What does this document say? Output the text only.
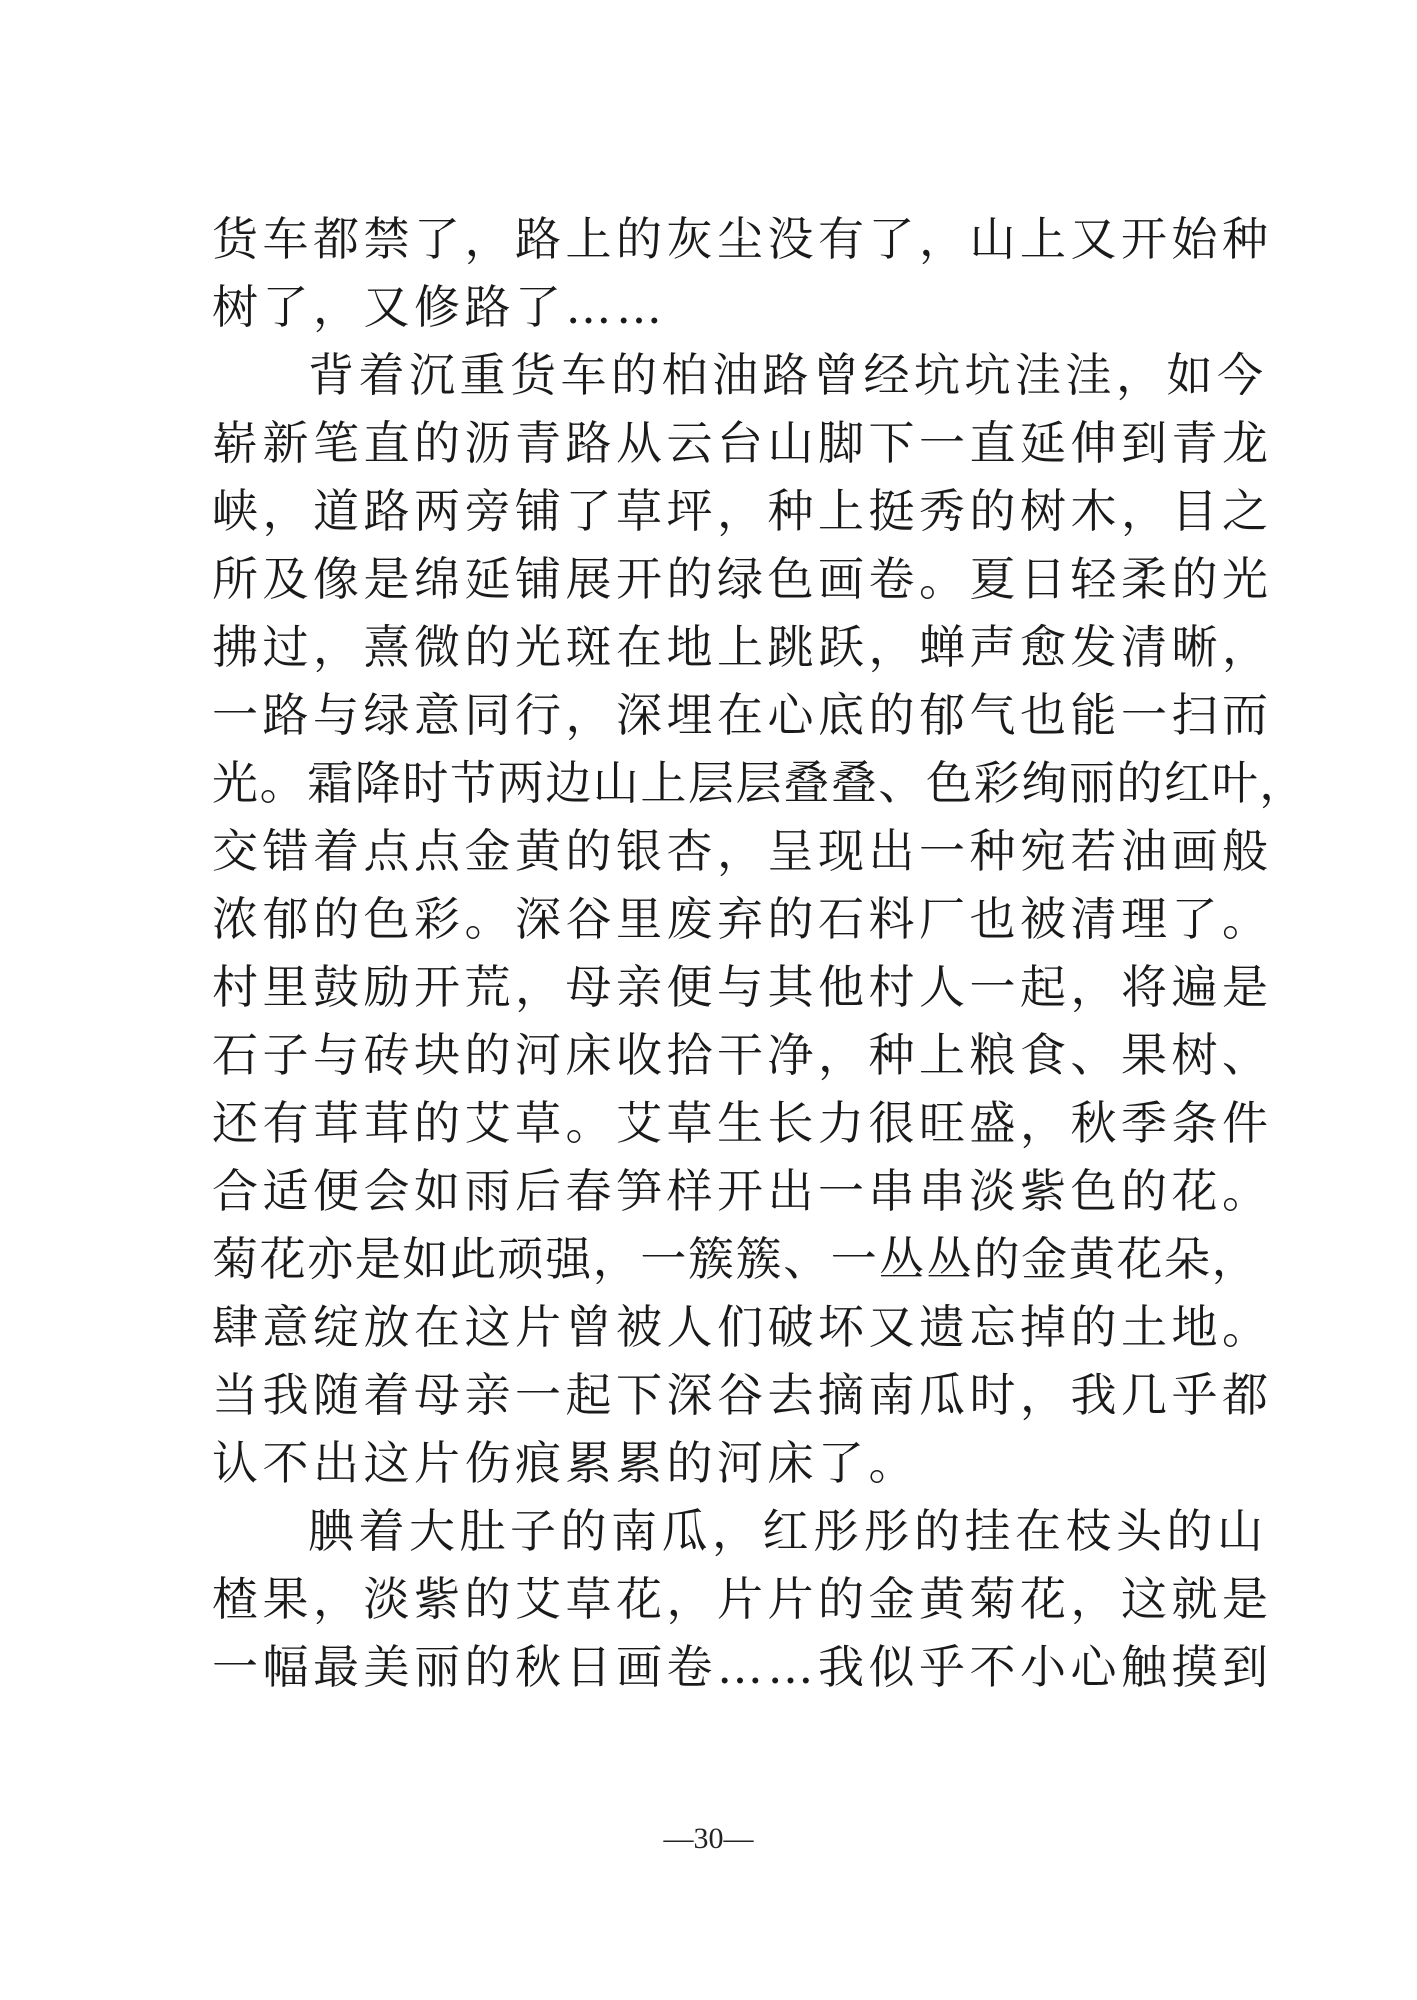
货车都禁了，路上的灰尘没有了，山上又开始种
树了，又修路了……
背着沉重货车的柏油路曾经坑坑洼洼，如今
崭新笔直的沥青路从云台山脚下一直延伸到青龙
峡，道路两旁铺了草坪，种上挺秀的树木，目之
所及像是绵延铺展开的绿色画卷。夏日轻柔的光
拂过，熹微的光斑在地上跳跃，蝉声愈发清晰，
一路与绿意同行，深埋在心底的郁气也能一扫而
光。霜降时节两边山上层层叠叠、色彩绚丽的红叶，
交错着点点金黄的银杏，呈现出一种宛若油画般
浓郁的色彩。深谷里废弃的石料厂也被清理了。
村里鼓励开荒，母亲便与其他村人一起，将遍是
石子与砖块的河床收拾干净，种上粮食、果树、
还有茸茸的艾草。艾草生长力很旺盛，秋季条件
合适便会如雨后春笋样开出一串串淡紫色的花。
菊花亦是如此顽强，一簇簇、一丛丛的金黄花朵，
肆意绽放在这片曾被人们破坏又遗忘掉的土地。
当我随着母亲一起下深谷去摘南瓜时，我几乎都
认不出这片伤痕累累的河床了。
腆着大肚子的南瓜，红彤彤的挂在枝头的山
楂果，淡紫的艾草花，片片的金黄菊花，这就是
一幅最美丽的秋日画卷……我似乎不小心触摸到
—30—
